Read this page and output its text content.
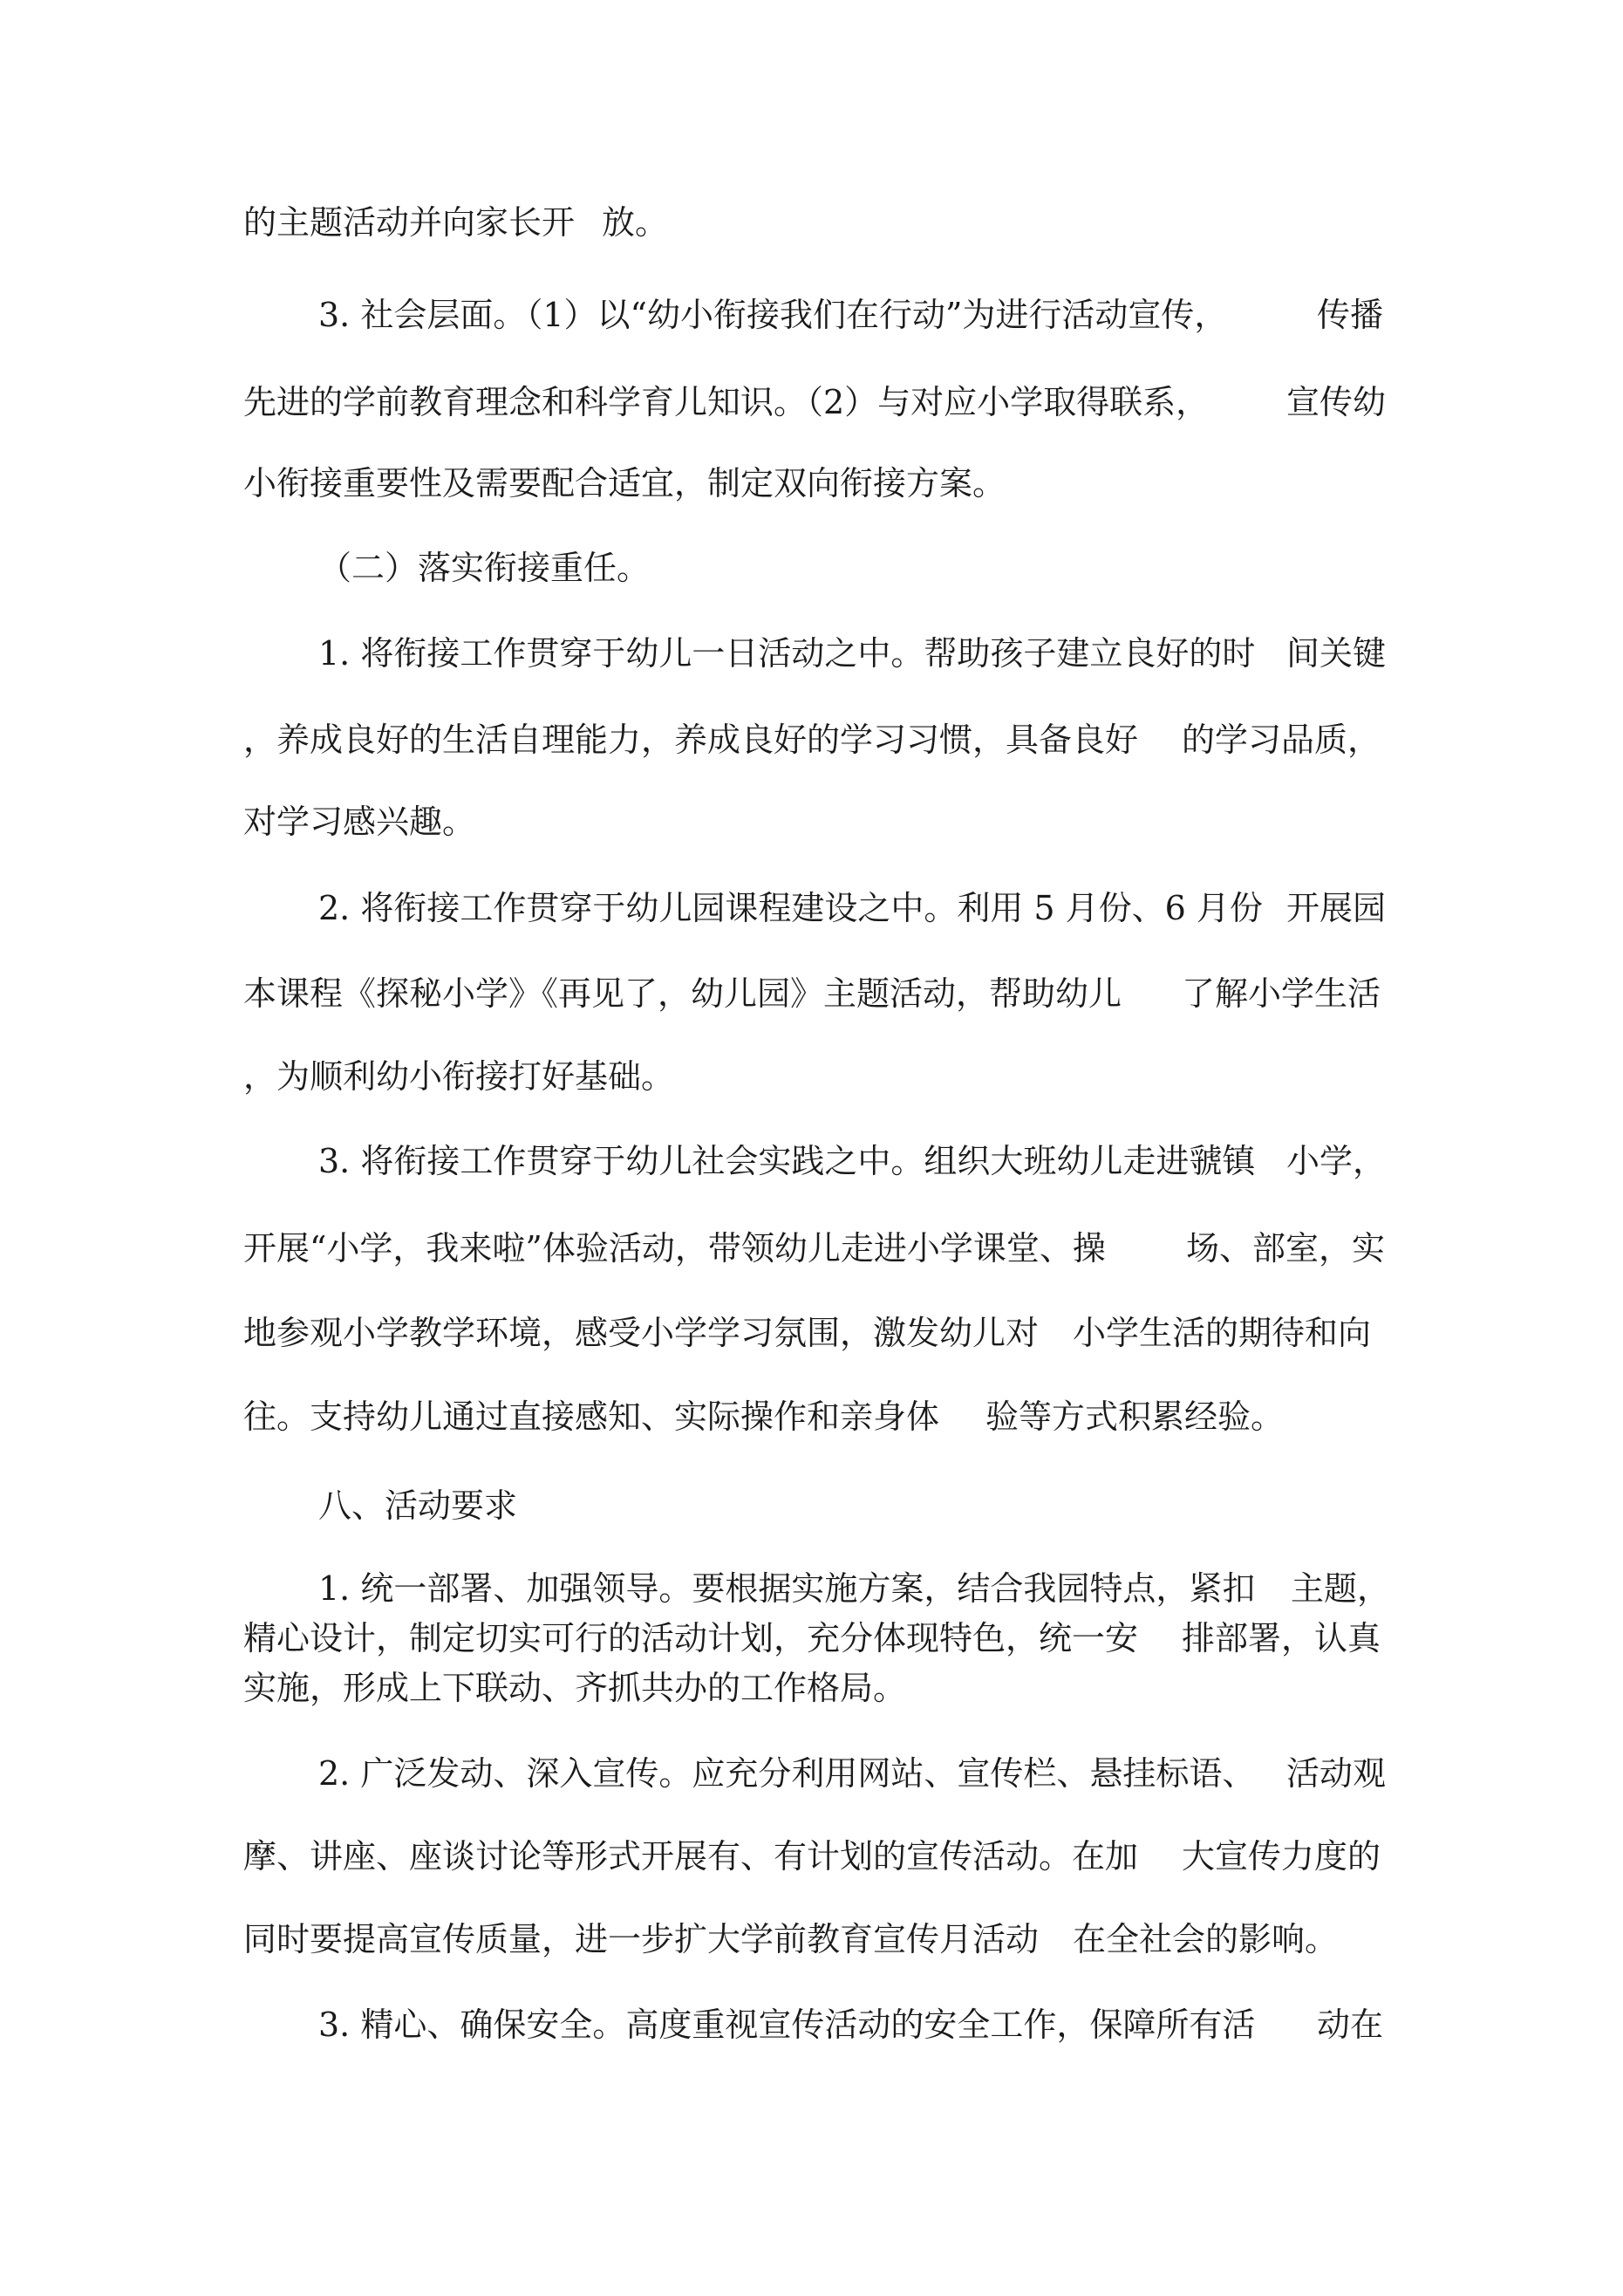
的主题活动并向家长开 放。
3. 社会层面。（1）以“幼小衔接我们在行动”为进行活动宣传，	传播
先进的学前教育理念和科学育儿知识。（2）与对应小学取得联系， 宣传幼
小衔接重要性及需要配合适宜，制定双向衔接方案。
（二）落实衔接重任。
1. 将衔接工作贯穿于幼儿一日活动之中。帮助孩子建立良好的时 间关键
，养成良好的生活自理能力，养成良好的学习习惯，具备良好 的学习品质，
对学习感兴趣。
2. 将衔接工作贯穿于幼儿园课程建设之中。利用 5 月份、6 月份 开展园
本课程《探秘小学》《再见了，幼儿园》主题活动，帮助幼儿 了解小学生活
，为顺利幼小衔接打好基础。
3. 将衔接工作贯穿于幼儿社会实践之中。组织大班幼儿走进虢镇 小学，
开展“小学，我来啦”体验活动，带领幼儿走进小学课堂、操 场、部室，实
地参观小学教学环境，感受小学学习氛围，激发幼儿对 小学生活的期待和向
往。支持幼儿通过直接感知、实际操作和亲身体 验等方式积累经验。
八、活动要求
1. 统一部署、加强领导。要根据实施方案，结合我园特点，紧扣 主题，
精心设计，制定切实可行的活动计划，充分体现特色，统一安 排部署，认真
实施，形成上下联动、齐抓共办的工作格局。
2. 广泛发动、深入宣传。应充分利用网站、宣传栏、悬挂标语、 活动观
摩、讲座、座谈讨论等形式开展有、有计划的宣传活动。在加 大宣传力度的
同时要提高宣传质量，进一步扩大学前教育宣传月活动 在全社会的影响。
3. 精心、确保安全。高度重视宣传活动的安全工作，保障所有活 动在
